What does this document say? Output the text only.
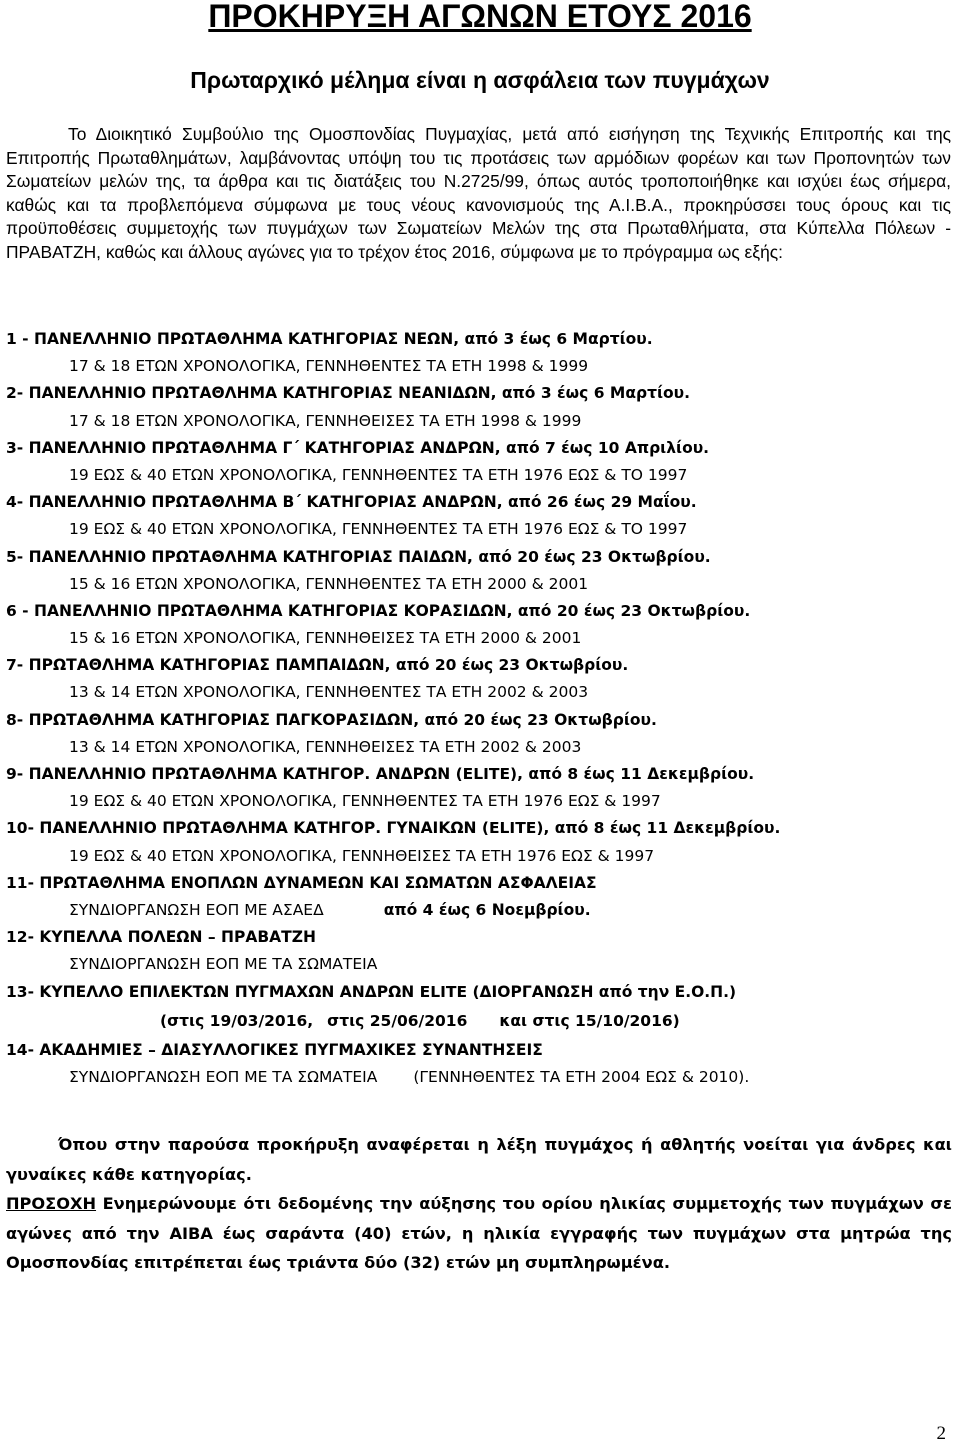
ΠΡΟΚΗΡΥΞΗ ΑΓΩΝΩΝ ΕΤΟΥΣ 2016
Πρωταρχικό μέλημα είναι η ασφάλεια των πυγμάχων
Το Διοικητικό Συμβούλιο της Ομοσπονδίας Πυγμαχίας, μετά από εισήγηση της Τεχνικής Επιτροπής και της Επιτροπής Πρωταθλημάτων, λαμβάνοντας υπόψη του τις προτάσεις των αρμόδιων φορέων και των Προπονητών των Σωματείων μελών της, τα άρθρα και τις διατάξεις του Ν.2725/99, όπως αυτός τροποποιήθηκε και ισχύει έως σήμερα, καθώς και τα προβλεπόμενα σύμφωνα με τους νέους κανονισμούς της Α.Ι.Β.Α., προκηρύσσει τους όρους και τις προϋποθέσεις συμμετοχής των πυγμάχων των Σωματείων Μελών της στα Πρωταθλήματα, στα Κύπελλα Πόλεων - ΠΡΑΒΑΤΖΗ, καθώς και άλλους αγώνες για το τρέχον έτος 2016, σύμφωνα με το πρόγραμμα ως εξής:
1 - ΠΑΝΕΛΛΗΝΙΟ ΠΡΩΤΑΘΛΗΜΑ ΚΑΤΗΓΟΡΙΑΣ ΝΕΩΝ, από 3 έως 6 Μαρτίου.
17 & 18 ΕΤΩΝ ΧΡΟΝΟΛΟΓΙΚΑ, ΓΕΝΝΗΘΕΝΤΕΣ ΤΑ ΕΤΗ 1998 & 1999
2- ΠΑΝΕΛΛΗΝΙΟ ΠΡΩΤΑΘΛΗΜΑ ΚΑΤΗΓΟΡΙΑΣ ΝΕΑΝΙΔΩΝ, από 3 έως 6 Μαρτίου.
17 & 18 ΕΤΩΝ ΧΡΟΝΟΛΟΓΙΚΑ, ΓΕΝΝΗΘΕΙΣΕΣ ΤΑ ΕΤΗ 1998 & 1999
3- ΠΑΝΕΛΛΗΝΙΟ ΠΡΩΤΑΘΛΗΜΑ Γ΄ ΚΑΤΗΓΟΡΙΑΣ ΑΝΔΡΩΝ, από 7 έως 10 Απριλίου.
19 ΕΩΣ & 40 ΕΤΩΝ ΧΡΟΝΟΛΟΓΙΚΑ, ΓΕΝΝΗΘΕΝΤΕΣ ΤΑ ΕΤΗ 1976 ΕΩΣ & ΤΟ 1997
4- ΠΑΝΕΛΛΗΝΙΟ ΠΡΩΤΑΘΛΗΜΑ Β΄ ΚΑΤΗΓΟΡΙΑΣ ΑΝΔΡΩΝ, από 26 έως 29 Μαΐου.
19 ΕΩΣ & 40 ΕΤΩΝ ΧΡΟΝΟΛΟΓΙΚΑ, ΓΕΝΝΗΘΕΝΤΕΣ ΤΑ ΕΤΗ 1976 ΕΩΣ & ΤΟ 1997
5- ΠΑΝΕΛΛΗΝΙΟ ΠΡΩΤΑΘΛΗΜΑ ΚΑΤΗΓΟΡΙΑΣ ΠΑΙΔΩΝ, από 20 έως 23 Οκτωβρίου.
15 & 16 ΕΤΩΝ ΧΡΟΝΟΛΟΓΙΚΑ, ΓΕΝΝΗΘΕΝΤΕΣ ΤΑ ΕΤΗ 2000 & 2001
6 - ΠΑΝΕΛΛΗΝΙΟ ΠΡΩΤΑΘΛΗΜΑ ΚΑΤΗΓΟΡΙΑΣ ΚΟΡΑΣΙΔΩΝ, από 20 έως 23 Οκτωβρίου.
15 & 16 ΕΤΩΝ ΧΡΟΝΟΛΟΓΙΚΑ, ΓΕΝΝΗΘΕΙΣΕΣ ΤΑ ΕΤΗ 2000 & 2001
7- ΠΡΩΤΑΘΛΗΜΑ ΚΑΤΗΓΟΡΙΑΣ ΠΑΜΠΑΙΔΩΝ, από 20 έως 23 Οκτωβρίου.
13 & 14 ΕΤΩΝ ΧΡΟΝΟΛΟΓΙΚΑ, ΓΕΝΝΗΘΕΝΤΕΣ ΤΑ ΕΤΗ 2002 & 2003
8- ΠΡΩΤΑΘΛΗΜΑ ΚΑΤΗΓΟΡΙΑΣ ΠΑΓΚΟΡΑΣΙΔΩΝ, από 20 έως 23 Οκτωβρίου.
13 & 14 ΕΤΩΝ ΧΡΟΝΟΛΟΓΙΚΑ, ΓΕΝΝΗΘΕΙΣΕΣ ΤΑ ΕΤΗ 2002 & 2003
9- ΠΑΝΕΛΛΗΝΙΟ ΠΡΩΤΑΘΛΗΜΑ ΚΑΤΗΓΟΡ. ΑΝΔΡΩΝ (ELITE), από 8 έως 11 Δεκεμβρίου.
19 ΕΩΣ & 40 ΕΤΩΝ ΧΡΟΝΟΛΟΓΙΚΑ, ΓΕΝΝΗΘΕΝΤΕΣ ΤΑ ΕΤΗ 1976 ΕΩΣ & 1997
10- ΠΑΝΕΛΛΗΝΙΟ ΠΡΩΤΑΘΛΗΜΑ ΚΑΤΗΓΟΡ. ΓΥΝΑΙΚΩΝ (ELITE), από 8 έως 11 Δεκεμβρίου.
19 ΕΩΣ & 40 ΕΤΩΝ ΧΡΟΝΟΛΟΓΙΚΑ, ΓΕΝΝΗΘΕΙΣΕΣ ΤΑ ΕΤΗ 1976 ΕΩΣ & 1997
11- ΠΡΩΤΑΘΛΗΜΑ ΕΝΟΠΛΩΝ ΔΥΝΑΜΕΩΝ ΚΑΙ ΣΩΜΑΤΩΝ ΑΣΦΑΛΕΙΑΣ
ΣΥΝΔΙΟΡΓΑΝΩΣΗ ΕΟΠ ΜΕ ΑΣΑΕΔ	από 4 έως 6 Νοεμβρίου.
12- ΚΥΠΕΛΛΑ ΠΟΛΕΩΝ – ΠΡΑΒΑΤΖΗ
ΣΥΝΔΙΟΡΓΑΝΩΣΗ ΕΟΠ ΜΕ ΤΑ ΣΩΜΑΤΕΙΑ
13- ΚΥΠΕΛΛΟ ΕΠΙΛΕΚΤΩΝ ΠΥΓΜΑΧΩΝ ΑΝΔΡΩΝ ELITE (ΔΙΟΡΓΑΝΩΣΗ από την Ε.Ο.Π.)
(στις 19/03/2016, στις 25/06/2016 και στις 15/10/2016)
14- ΑΚΑΔΗΜΙΕΣ – ΔΙΑΣΥΛΛΟΓΙΚΕΣ ΠΥΓΜΑΧΙΚΕΣ ΣΥΝΑΝΤΗΣΕΙΣ
ΣΥΝΔΙΟΡΓΑΝΩΣΗ ΕΟΠ ΜΕ ΤΑ ΣΩΜΑΤΕΙΑ (ΓΕΝΝΗΘΕΝΤΕΣ ΤΑ ΕΤΗ 2004 ΕΩΣ & 2010).
Όπου στην παρούσα προκήρυξη αναφέρεται η λέξη πυγμάχος ή αθλητής νοείται για άνδρες και γυναίκες κάθε κατηγορίας.
ΠΡΟΣΟΧΗ Ενημερώνουμε ότι δεδομένης την αύξησης του ορίου ηλικίας συμμετοχής των πυγμάχων σε αγώνες από την AIBA έως σαράντα (40) ετών, η ηλικία εγγραφής των πυγμάχων στα μητρώα της Ομοσπονδίας επιτρέπεται έως τριάντα δύο (32) ετών μη συμπληρωμένα.
2
